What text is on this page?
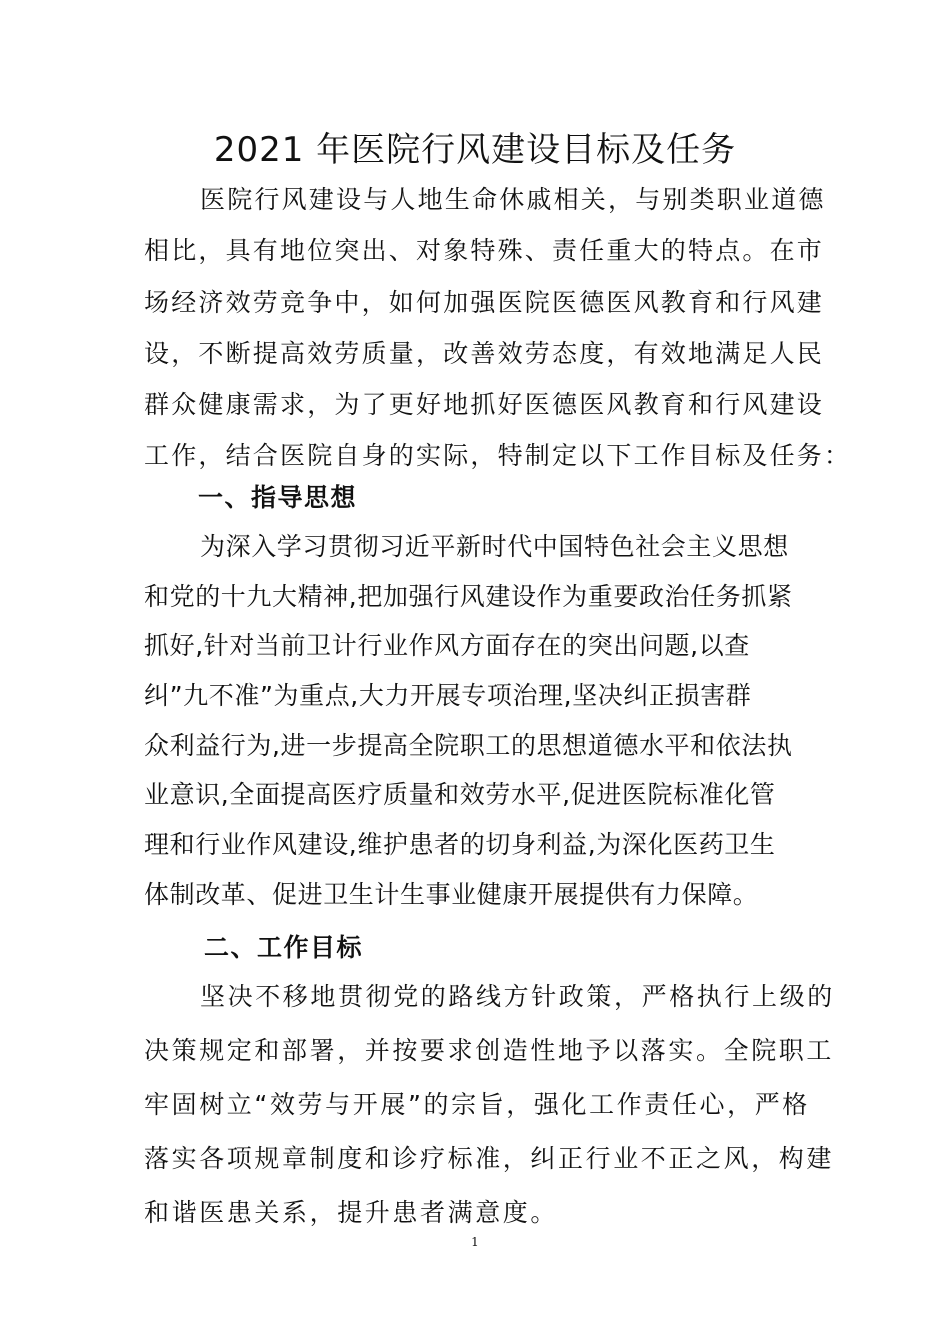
2021 年医院行风建设目标及任务
医院行风建设与人地生命休戚相关，与别类职业道德
相比，具有地位突出、对象特殊、责任重大的特点。在市
场经济效劳竞争中，如何加强医院医德医风教育和行风建
设，不断提高效劳质量，改善效劳态度，有效地满足人民
群众健康需求，为了更好地抓好医德医风教育和行风建设
工作，结合医院自身的实际，特制定以下工作目标及任务：
一、指导思想
为深入学习贯彻习近平新时代中国特色社会主义思想
和党的十九大精神,把加强行风建设作为重要政治任务抓紧
抓好,针对当前卫计行业作风方面存在的突出问题,以查
纠”九不准”为重点,大力开展专项治理,坚决纠正损害群
众利益行为,进一步提高全院职工的思想道德水平和依法执
业意识,全面提高医疗质量和效劳水平,促进医院标准化管
理和行业作风建设,维护患者的切身利益,为深化医药卫生
体制改革、促进卫生计生事业健康开展提供有力保障。
二、工作目标
坚决不移地贯彻党的路线方针政策，严格执行上级的
决策规定和部署，并按要求创造性地予以落实。全院职工
牢固树立“效劳与开展”的宗旨，强化工作责任心，严格
落实各项规章制度和诊疗标准，纠正行业不正之风，构建
和谐医患关系，提升患者满意度。
1
